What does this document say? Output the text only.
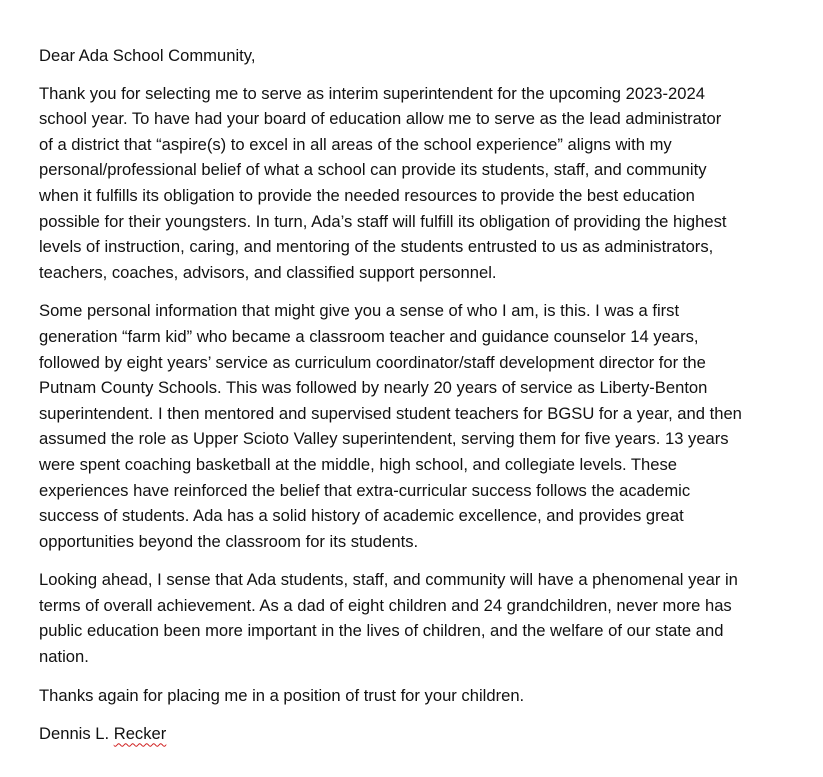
Dear Ada School Community,

Thank you for selecting me to serve as interim superintendent for the upcoming 2023-2024
school year. To have had your board of education allow me to serve as the lead administrator
of a district that “aspire(s) to excel in all areas of the school experience” aligns with my
personal/professional belief of what a school can provide its students, staff, and community
when it fulfills its obligation to provide the needed resources to provide the best education
possible for their youngsters. In turn, Ada’s staff will fulfill its obligation of providing the highest
levels of instruction, caring, and mentoring of the students entrusted to us as administrators,
teachers, coaches, advisors, and classified support personnel.

Some personal information that might give you a sense of who I am, is this. I was a first
generation “farm kid” who became a classroom teacher and guidance counselor 14 years,
followed by eight years’ service as curriculum coordinator/staff development director for the
Putnam County Schools. This was followed by nearly 20 years of service as Liberty-Benton
superintendent. I then mentored and supervised student teachers for BGSU for a year, and then
assumed the role as Upper Scioto Valley superintendent, serving them for five years. 13 years
were spent coaching basketball at the middle, high school, and collegiate levels. These
experiences have reinforced the belief that extra-curricular success follows the academic
success of students. Ada has a solid history of academic excellence, and provides great
opportunities beyond the classroom for its students.

Looking ahead, I sense that Ada students, staff, and community will have a phenomenal year in
terms of overall achievement. As a dad of eight children and 24 grandchildren, never more has
public education been more important in the lives of children, and the welfare of our state and
nation.

Thanks again for placing me in a position of trust for your children.

Dennis L. Recker
